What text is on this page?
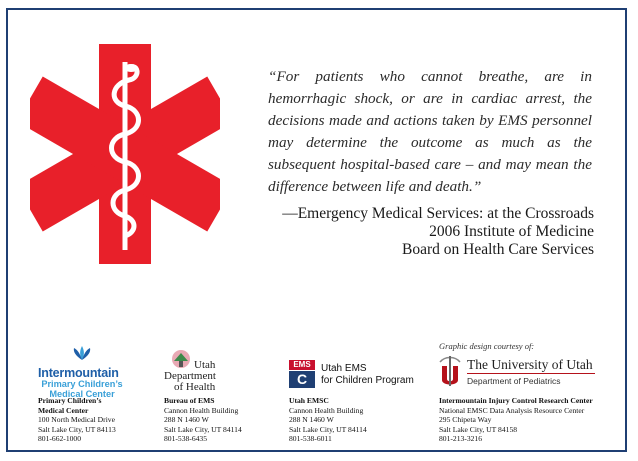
“For patients who cannot breathe, are in hemorrhagic shock, or are in cardiac arrest, the decisions made and actions taken by EMS personnel may determine the outcome as much as the subsequent hospital-based care – and may mean the difference between life and death.”
—Emergency Medical Services: at the Crossroads
2006 Institute of Medicine
Board on Health Care Services
Graphic design courtesy of:
Intermountain
Primary Children’s
Medical Center
Utah
Department
of Health
EMS
C
Utah EMS
for Children Program
The University of Utah
Department of Pediatrics
Primary Children’s
Medical Center
100 North Medical Drive
Salt Lake City, UT 84113
801-662-1000
Bureau of EMS
Cannon Health Building
288 N 1460 W
Salt Lake City, UT 84114
801-538-6435
Utah EMSC
Cannon Health Building
288 N 1460 W
Salt Lake City, UT 84114
801-538-6011
Intermountain Injury Control Research Center
National EMSC Data Analysis Resource Center
295 Chipeta Way
Salt Lake City, UT 84158
801-213-3216
